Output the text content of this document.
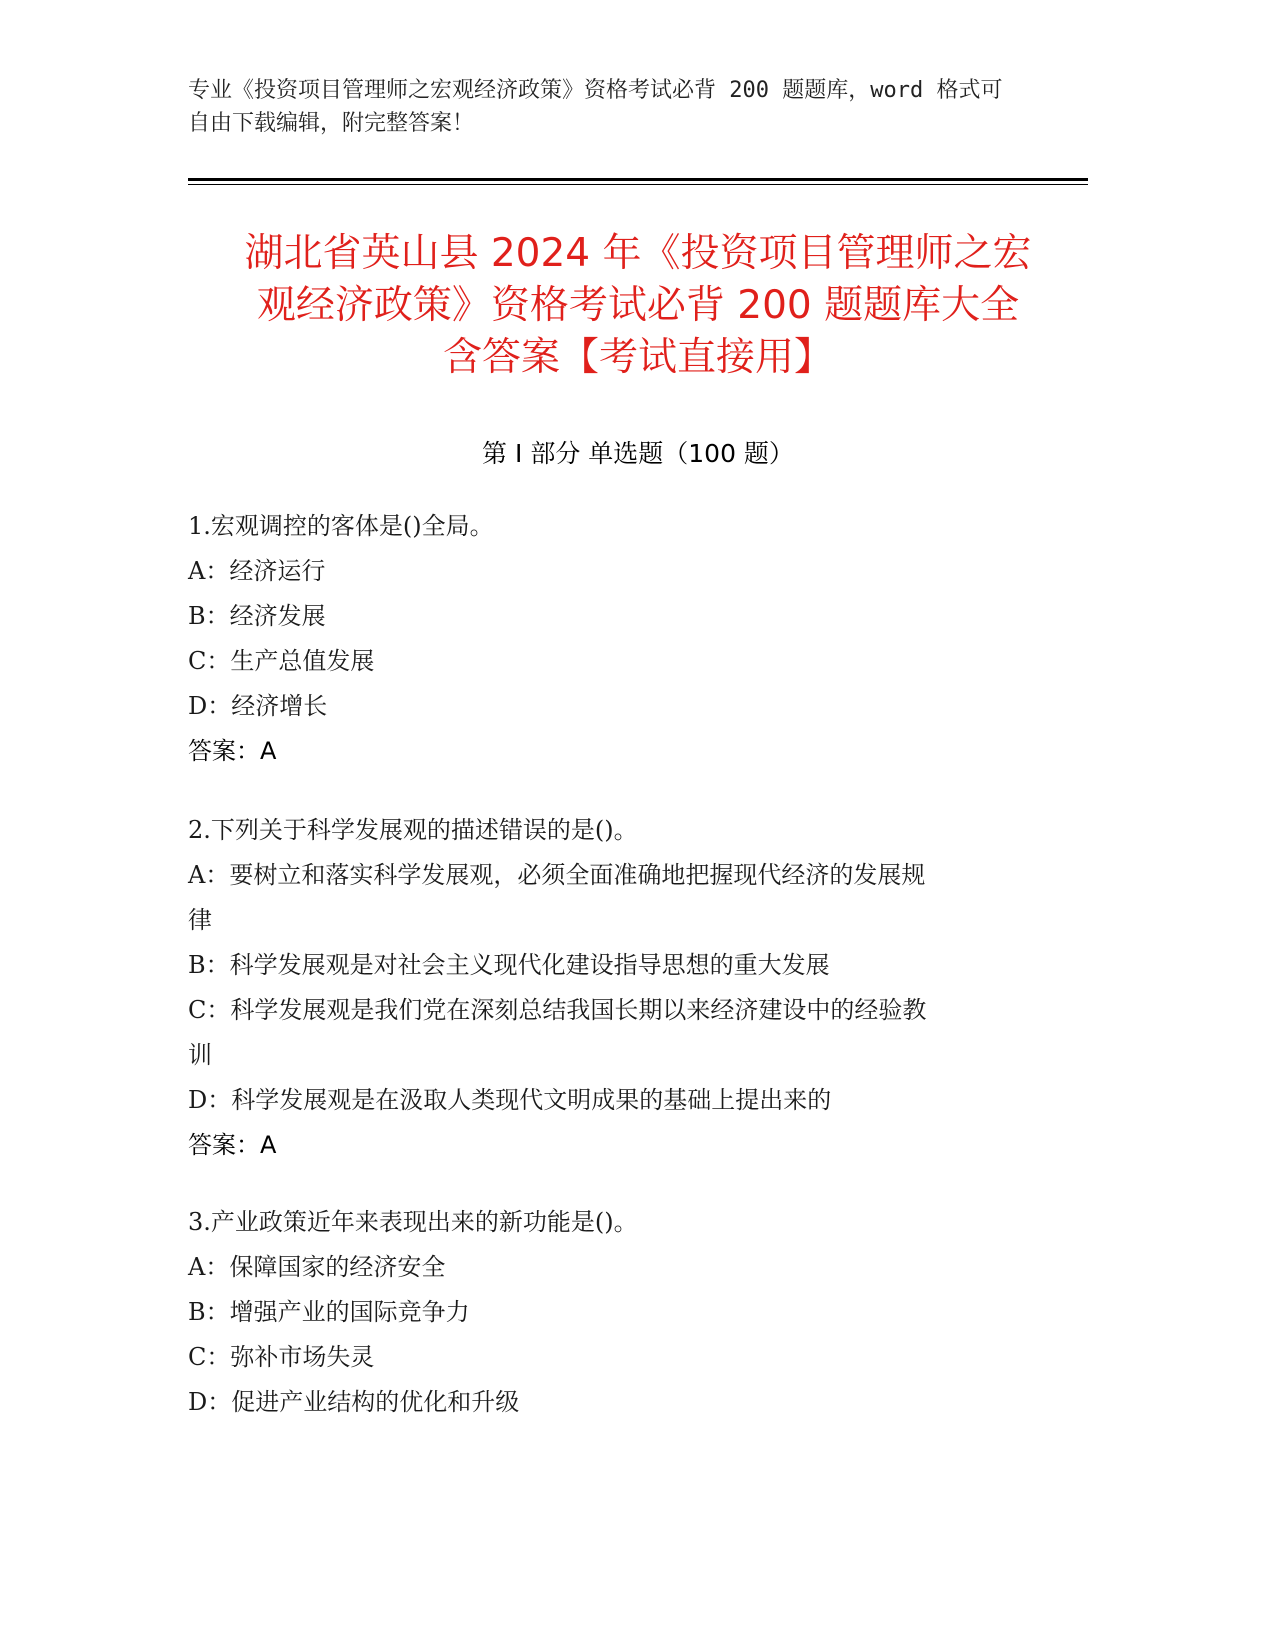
专业《投资项目管理师之宏观经济政策》资格考试必背 200 题题库，word 格式可
自由下载编辑，附完整答案！
湖北省英山县 2024 年《投资项目管理师之宏
观经济政策》资格考试必背 200 题题库大全
含答案【考试直接用】
第 I 部分 单选题（100 题）
1.宏观调控的客体是()全局。
A：经济运行
B：经济发展
C：生产总值发展
D：经济增长
答案：A
2.下列关于科学发展观的描述错误的是()。
A：要树立和落实科学发展观，必须全面准确地把握现代经济的发展规
律
B：科学发展观是对社会主义现代化建设指导思想的重大发展
C：科学发展观是我们党在深刻总结我国长期以来经济建设中的经验教
训
D：科学发展观是在汲取人类现代文明成果的基础上提出来的
答案：A
3.产业政策近年来表现出来的新功能是()。
A：保障国家的经济安全
B：增强产业的国际竞争力
C：弥补市场失灵
D：促进产业结构的优化和升级
